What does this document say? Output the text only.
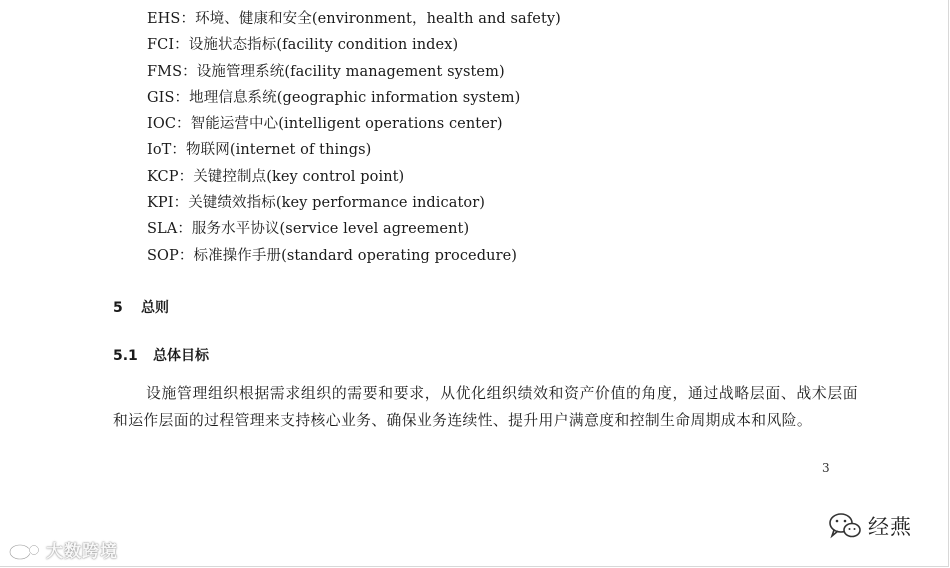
EHS：环境、健康和安全(environment，health and safety)
FCI：设施状态指标(facility condition index)
FMS：设施管理系统(facility management system)
GIS：地理信息系统(geographic information system)
IOC：智能运营中心(intelligent operations center)
IoT：物联网(internet of things)
KCP：关键控制点(key control point)
KPI：关键绩效指标(key performance indicator)
SLA：服务水平协议(service level agreement)
SOP：标准操作手册(standard operating procedure)
5 总则
5.1 总体目标

设施管理组织根据需求组织的需要和要求，从优化组织绩效和资产价值的角度，通过战略层面、战术层面和运作层面的过程管理来支持核心业务、确保业务连续性、提升用户满意度和控制生命周期成本和风险。

3
大数跨境
经燕
